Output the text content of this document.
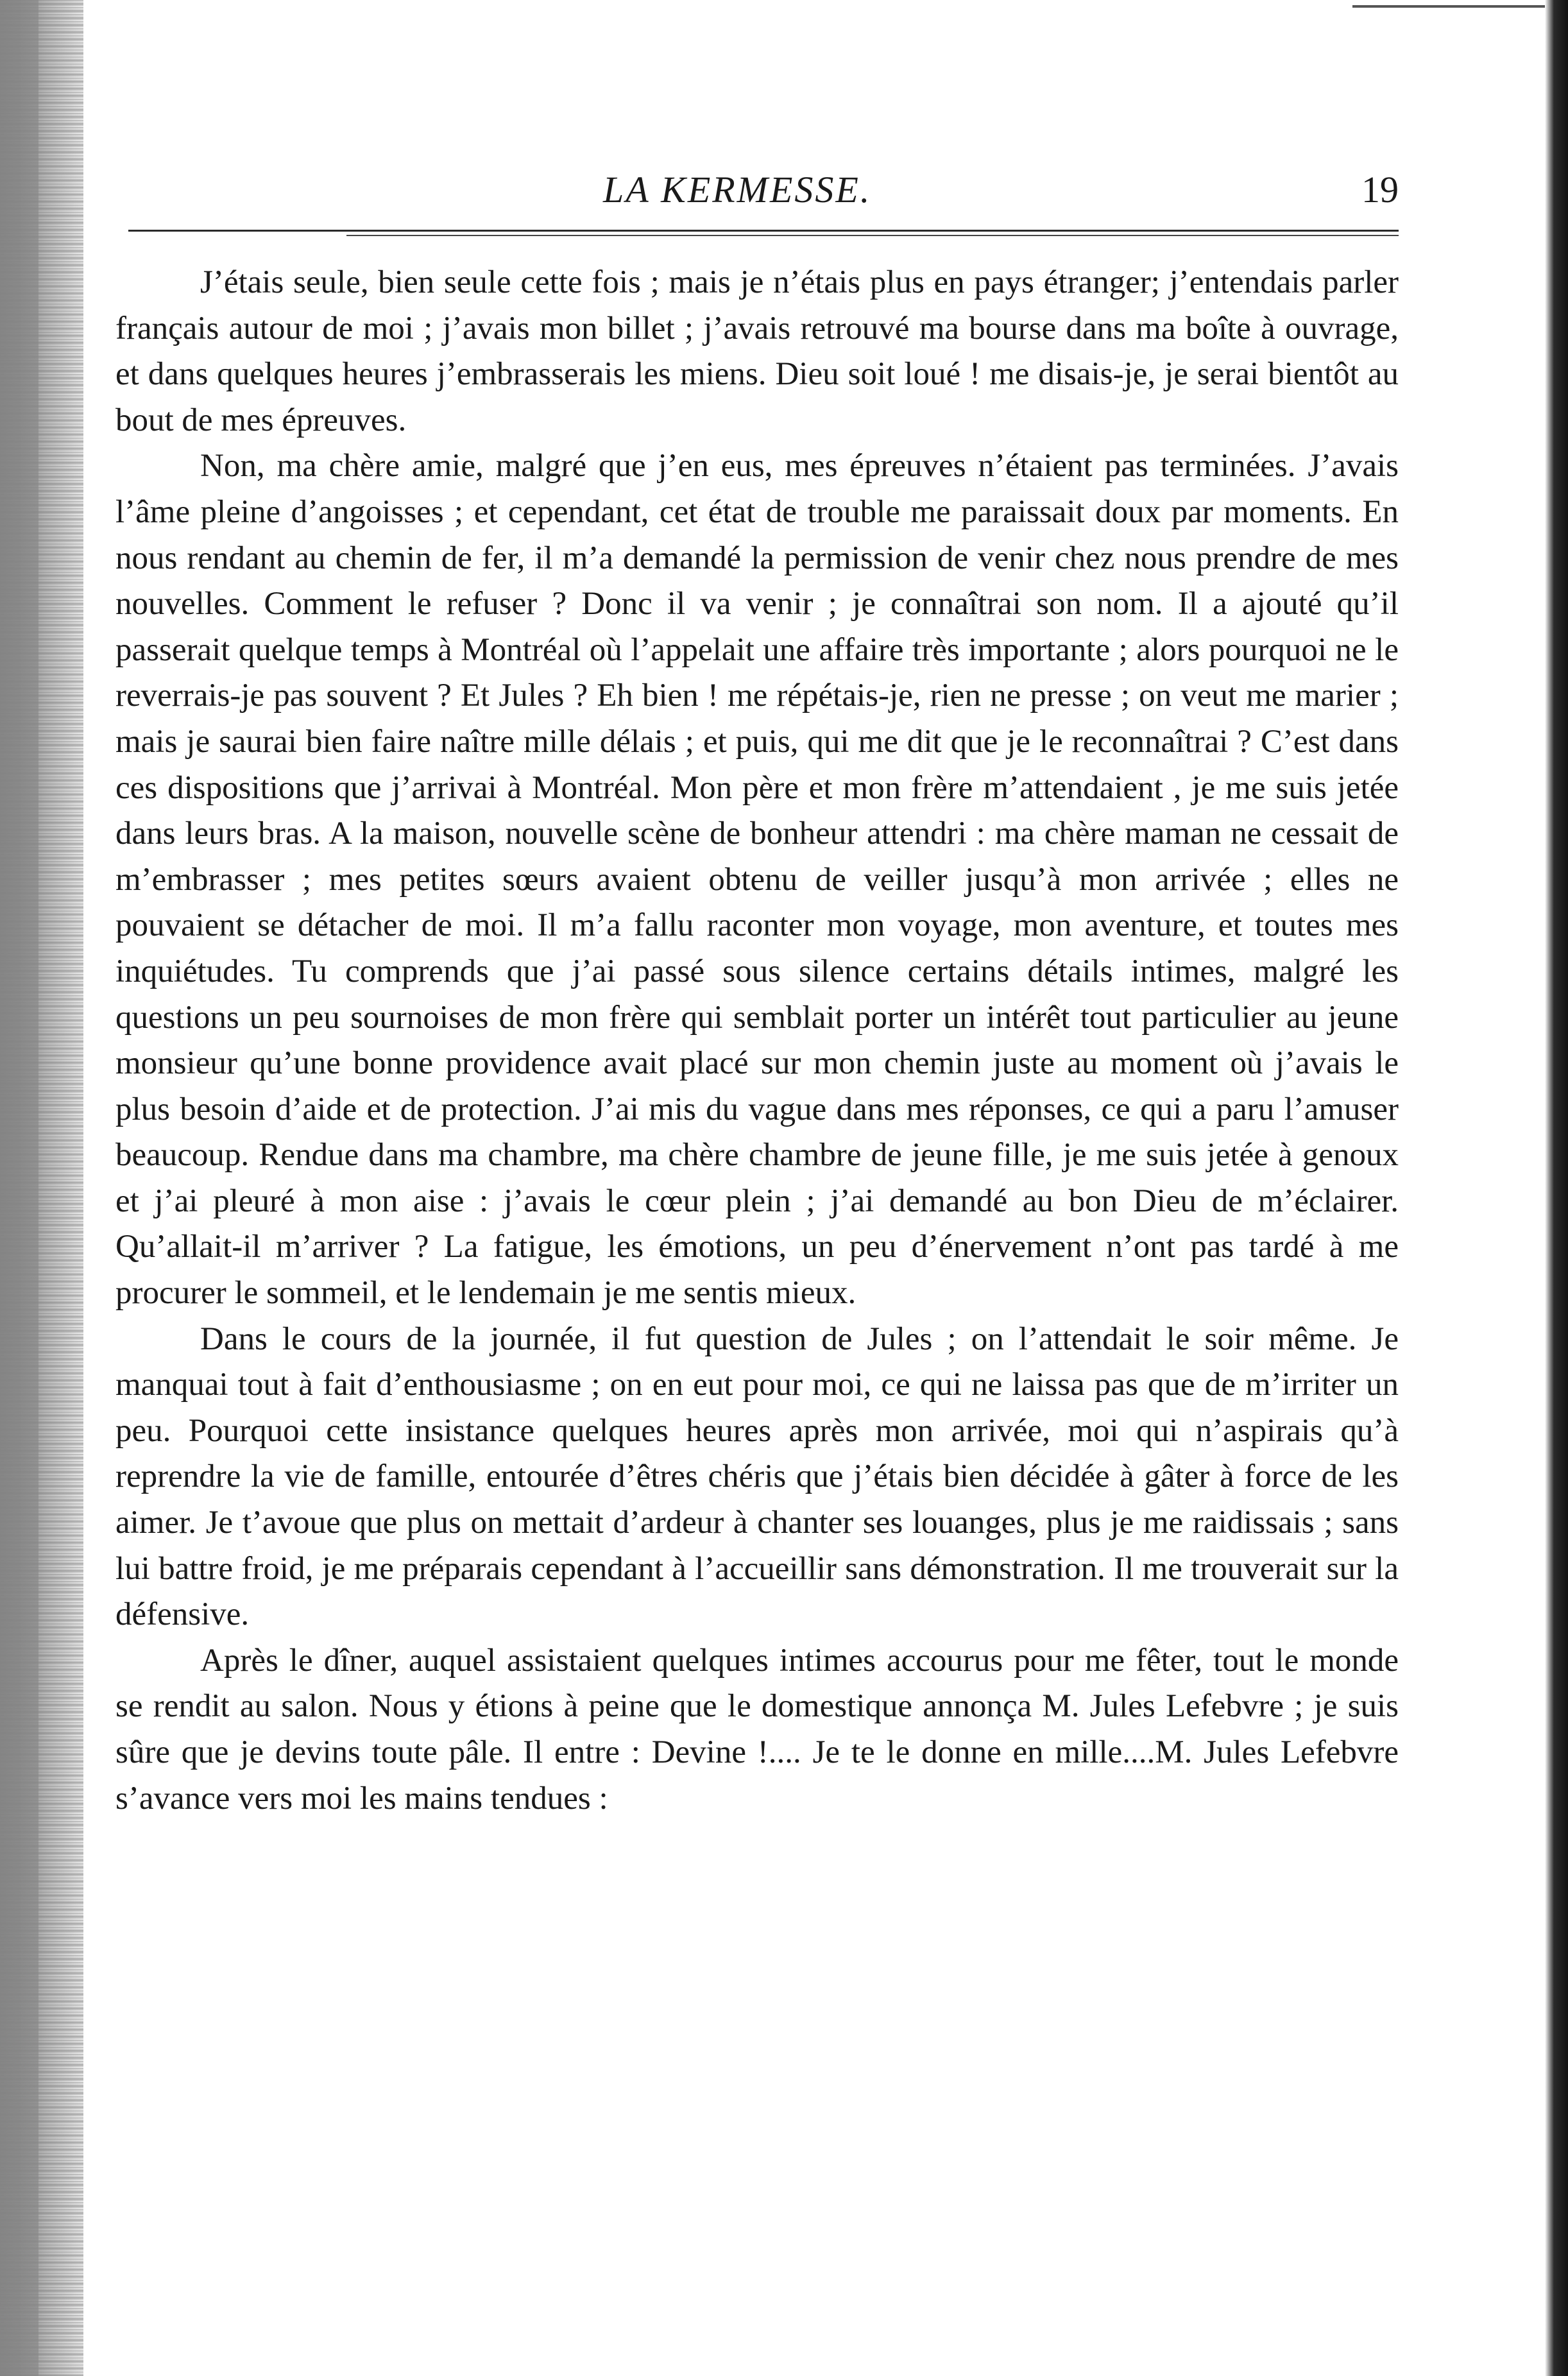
LA KERMESSE.	19

J’étais seule, bien seule cette fois ; mais je n’étais plus en pays étranger; j’entendais parler français autour de moi ; j’avais mon billet ; j’avais retrouvé ma bourse dans ma boîte à ouvrage, et dans quelques heures j’embrasserais les miens. Dieu soit loué ! me disais-je, je serai bientôt au bout de mes épreuves.

Non, ma chère amie, malgré que j’en eus, mes épreuves n’étaient pas terminées. J’avais l’âme pleine d’angoisses ; et cependant, cet état de trouble me paraissait doux par moments. En nous rendant au chemin de fer, il m’a demandé la permission de venir chez nous prendre de mes nouvelles. Comment le refuser ? Donc il va venir ; je connaîtrai son nom. Il a ajouté qu’il passerait quelque temps à Montréal où l’appelait une affaire très importante ; alors pourquoi ne le reverrais-je pas souvent ? Et Jules ? Eh bien ! me répétais-je, rien ne presse ; on veut me marier ; mais je saurai bien faire naître mille délais ; et puis, qui me dit que je le reconnaîtrai ? C’est dans ces dispositions que j’arrivai à Montréal. Mon père et mon frère m’attendaient , je me suis jetée dans leurs bras. A la maison, nouvelle scène de bonheur attendri : ma chère maman ne cessait de m’embrasser ; mes petites sœurs avaient obtenu de veiller jusqu’à mon arrivée ; elles ne pouvaient se détacher de moi. Il m’a fallu raconter mon voyage, mon aventure, et toutes mes inquiétudes. Tu comprends que j’ai passé sous silence certains détails intimes, malgré les questions un peu sournoises de mon frère qui semblait porter un intérêt tout particulier au jeune monsieur qu’une bonne providence avait placé sur mon chemin juste au moment où j’avais le plus besoin d’aide et de protection. J’ai mis du vague dans mes réponses, ce qui a paru l’amuser beaucoup. Rendue dans ma chambre, ma chère chambre de jeune fille, je me suis jetée à genoux et j’ai pleuré à mon aise : j’avais le cœur plein ; j’ai demandé au bon Dieu de m’éclairer. Qu’allait-il m’arriver ? La fatigue, les émotions, un peu d’énervement n’ont pas tardé à me procurer le sommeil, et le lendemain je me sentis mieux.

Dans le cours de la journée, il fut question de Jules ; on l’attendait le soir même. Je manquai tout à fait d’enthousiasme ; on en eut pour moi, ce qui ne laissa pas que de m’irriter un peu. Pourquoi cette insistance quelques heures après mon arrivée, moi qui n’aspirais qu’à reprendre la vie de famille, entourée d’êtres chéris que j’étais bien décidée à gâter à force de les aimer. Je t’avoue que plus on mettait d’ardeur à chanter ses louanges, plus je me raidissais ; sans lui battre froid, je me préparais cependant à l’accueillir sans démonstration. Il me trouverait sur la défensive.

Après le dîner, auquel assistaient quelques intimes accourus pour me fêter, tout le monde se rendit au salon. Nous y étions à peine que le domestique annonça M. Jules Lefebvre ; je suis sûre que je devins toute pâle. Il entre : Devine !.... Je te le donne en mille....M. Jules Lefebvre s’avance vers moi les mains tendues :
